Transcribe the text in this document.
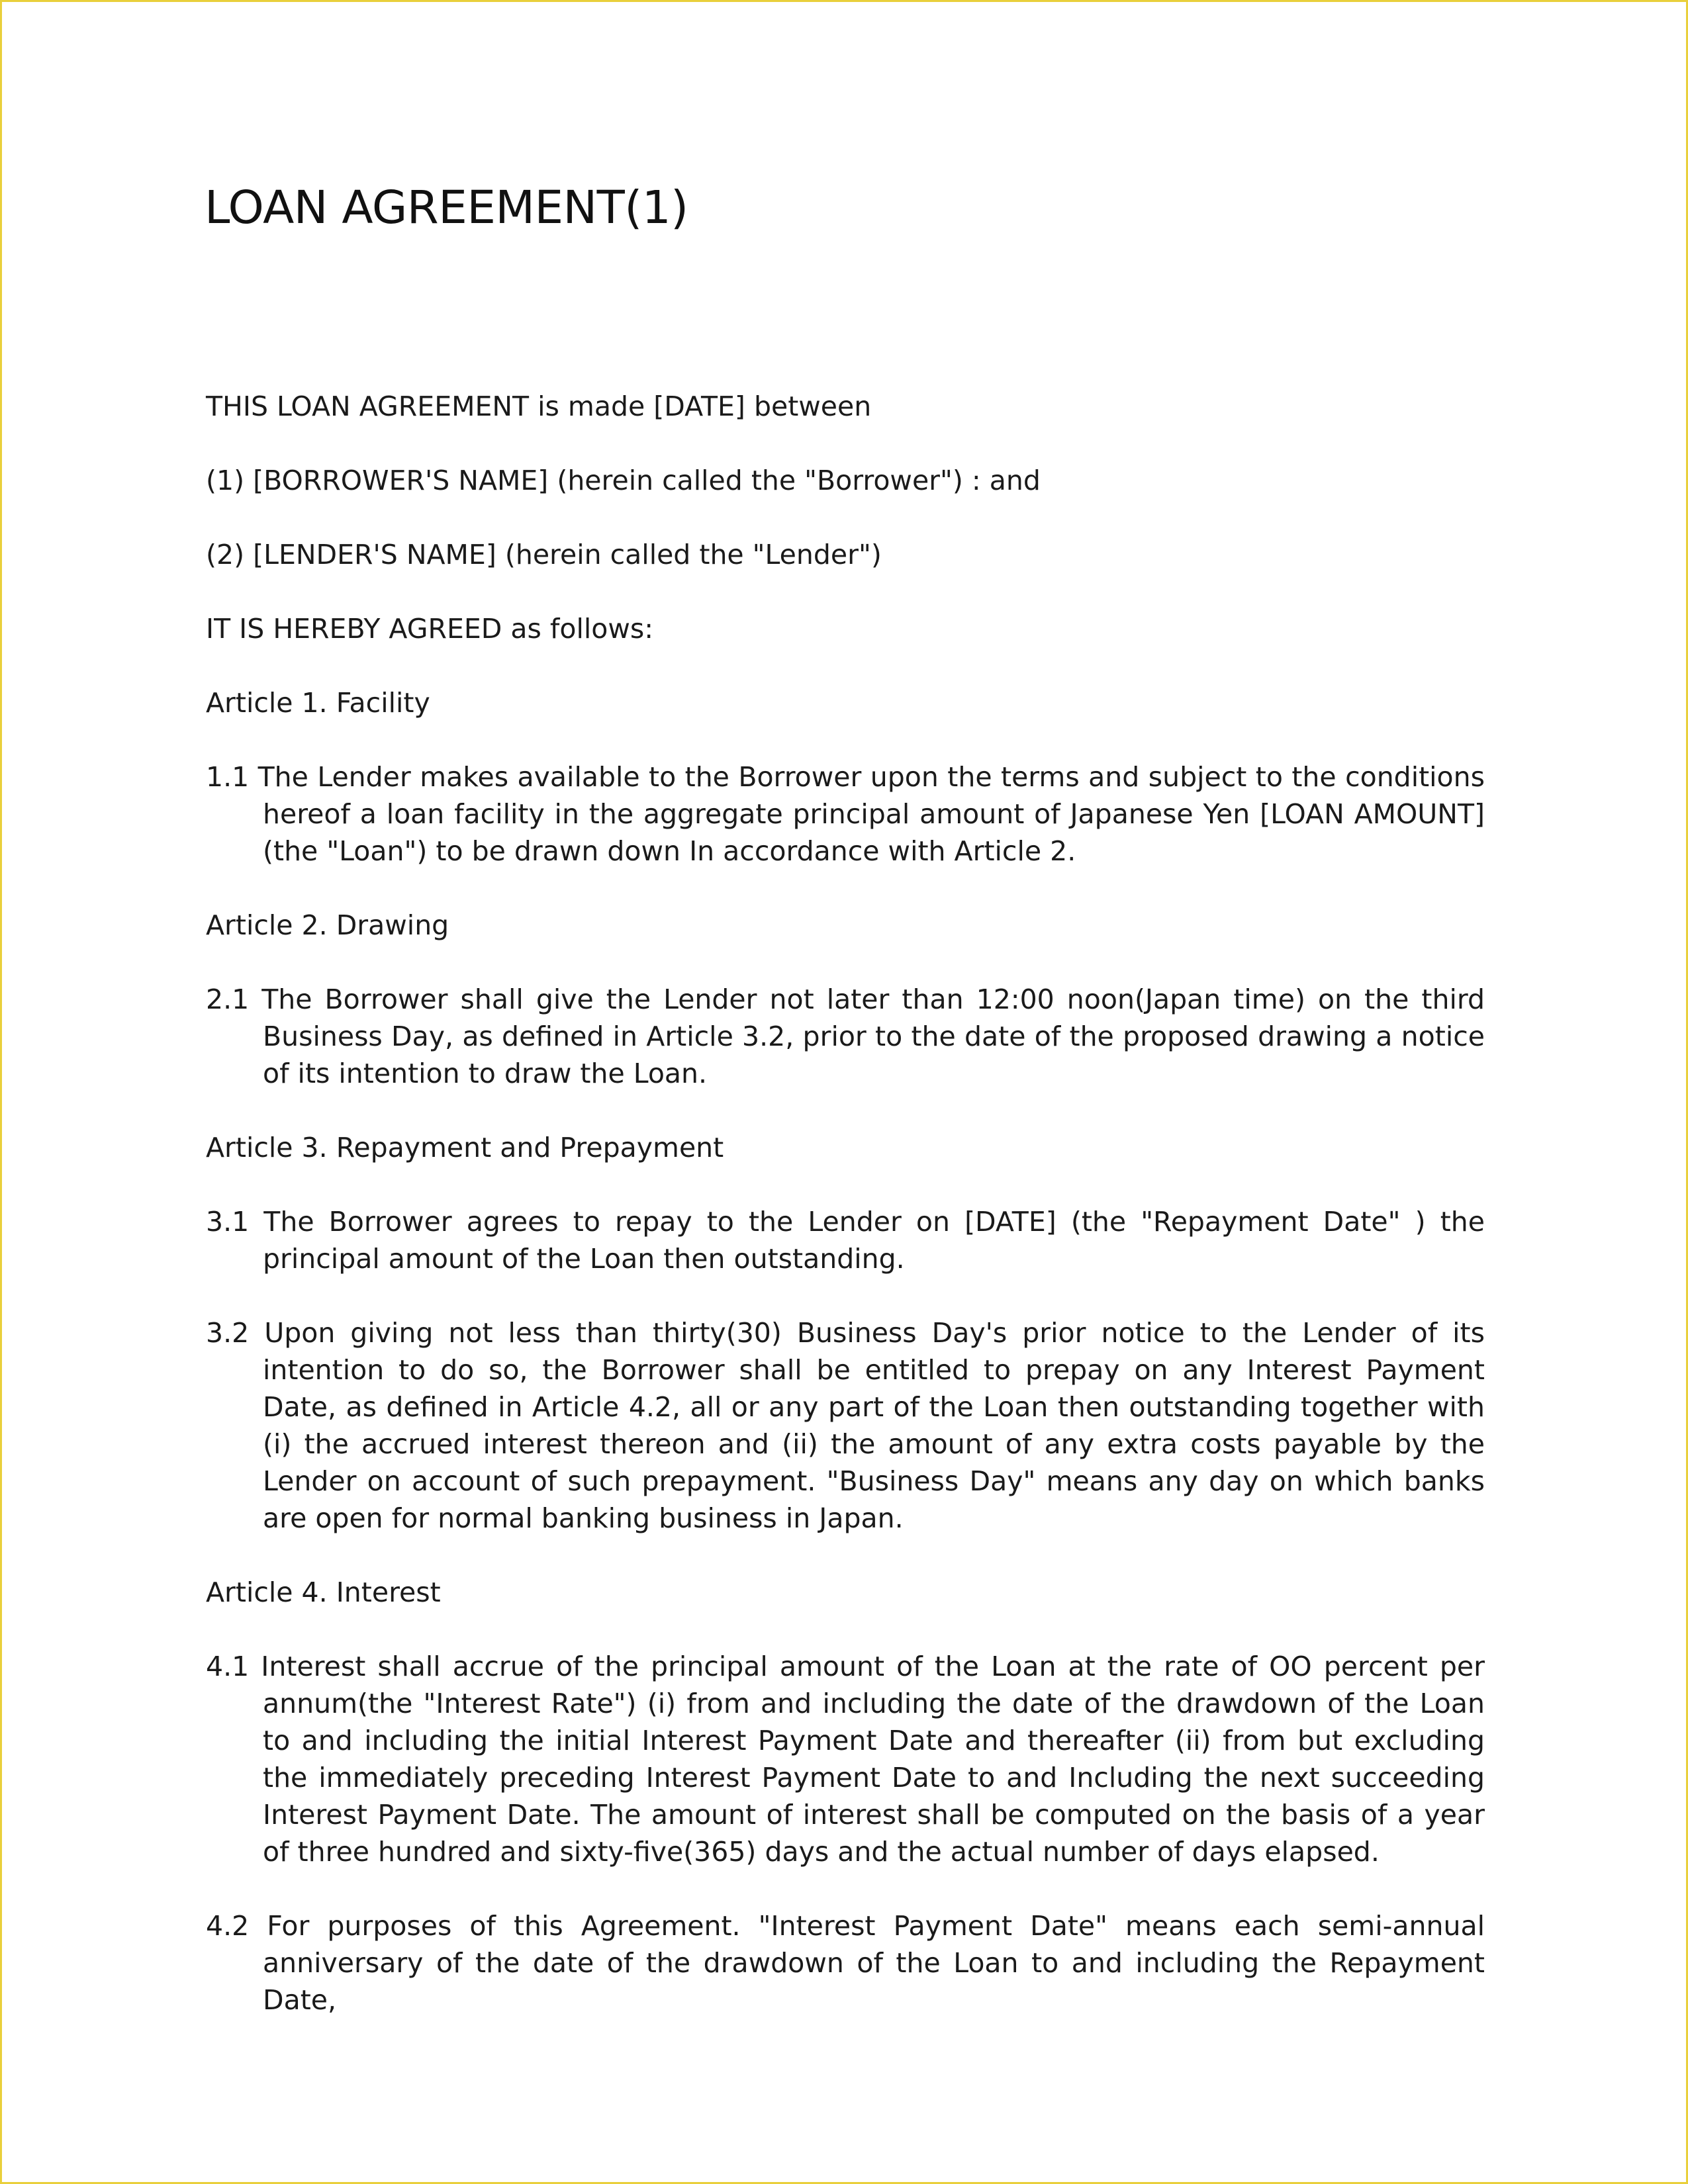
LOAN AGREEMENT(1)

THIS LOAN AGREEMENT is made [DATE] between

(1) [BORROWER'S NAME] (herein called the "Borrower") : and

(2) [LENDER'S NAME] (herein called the "Lender")

IT IS HEREBY AGREED as follows:

Article 1. Facility

1.1 The Lender makes available to the Borrower upon the terms and subject to the conditions hereof a loan facility in the aggregate principal amount of Japanese Yen [LOAN AMOUNT] (the "Loan") to be drawn down In accordance with Article 2.

Article 2. Drawing

2.1 The Borrower shall give the Lender not later than 12:00 noon(Japan time) on the third Business Day, as defined in Article 3.2, prior to the date of the proposed drawing a notice of its intention to draw the Loan.

Article 3. Repayment and Prepayment

3.1 The Borrower agrees to repay to the Lender on [DATE] (the "Repayment Date" ) the principal amount of the Loan then outstanding.

3.2 Upon giving not less than thirty(30) Business Day's prior notice to the Lender of its intention to do so, the Borrower shall be entitled to prepay on any Interest Payment Date, as defined in Article 4.2, all or any part of the Loan then outstanding together with (i) the accrued interest thereon and (ii) the amount of any extra costs payable by the Lender on account of such prepayment. "Business Day" means any day on which banks are open for normal banking business in Japan.

Article 4. Interest

4.1 Interest shall accrue of the principal amount of the Loan at the rate of OO percent per annum(the "Interest Rate") (i) from and including the date of the drawdown of the Loan to and including the initial Interest Payment Date and thereafter (ii) from but excluding the immediately preceding Interest Payment Date to and Including the next succeeding Interest Payment Date. The amount of interest shall be computed on the basis of a year of three hundred and sixty-five(365) days and the actual number of days elapsed.

4.2 For purposes of this Agreement. "Interest Payment Date" means each semi-annual anniversary of the date of the drawdown of the Loan to and including the Repayment Date,
